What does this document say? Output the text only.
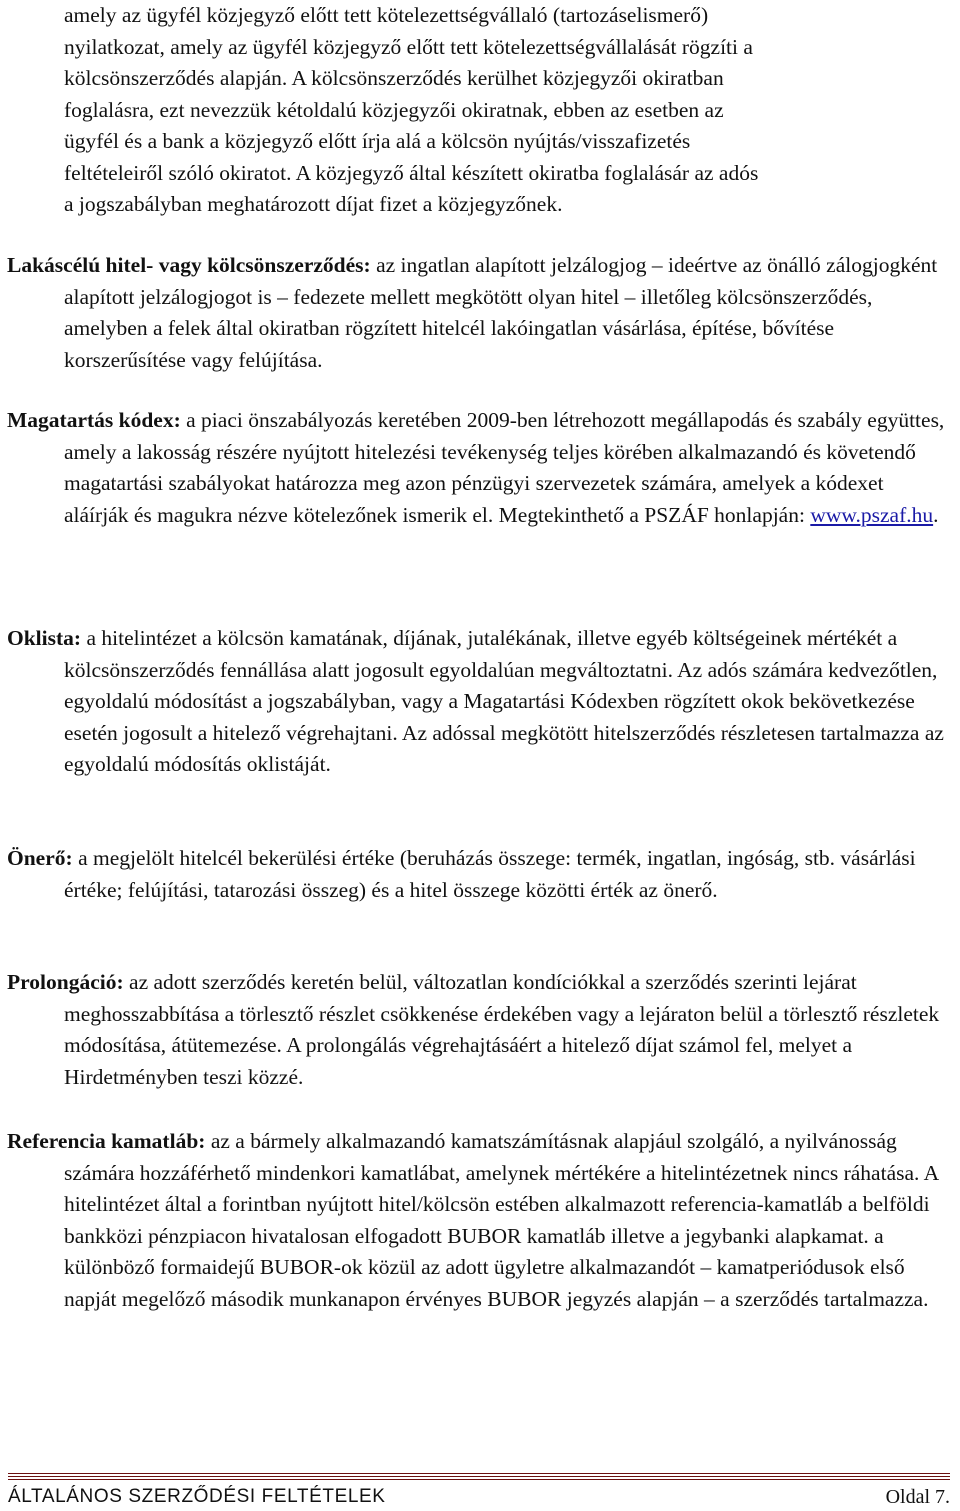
amely az ügyfél közjegyző előtt tett kötelezettségvállaló (tartozáselismerő)
nyilatkozat, amely az ügyfél közjegyző előtt tett kötelezettségvállalását rögzíti a
kölcsönszerződés alapján. A kölcsönszerződés kerülhet közjegyzői okiratban
foglalásra, ezt nevezzük kétoldalú közjegyzői okiratnak, ebben az esetben az
ügyfél és a bank a közjegyző előtt írja alá a kölcsön nyújtás/visszafizetés
feltételeiről szóló okiratot. A közjegyző által készített okiratba foglalásár az adós
a jogszabályban meghatározott díjat fizet a közjegyzőnek.
Lakáscélú hitel- vagy kölcsönszerződés: az ingatlan alapított jelzálogjog – ideértve az önálló zálogjogként alapított jelzálogjogot is – fedezete mellett megkötött olyan hitel – illetőleg kölcsönszerződés, amelyben a felek által okiratban rögzített hitelcél lakóingatlan vásárlása, építése, bővítése korszerűsítése vagy felújítása.
Magatartás kódex: a piaci önszabályozás keretében 2009-ben létrehozott megállapodás és szabály együttes, amely a lakosság részére nyújtott hitelezési tevékenység teljes körében alkalmazandó és követendő magatartási szabályokat határozza meg azon pénzügyi szervezetek számára, amelyek a kódexet aláírják és magukra nézve kötelezőnek ismerik el. Megtekinthető a PSZÁF honlapján: www.pszaf.hu.
Oklista: a hitelintézet a kölcsön kamatának, díjának, jutalékának, illetve egyéb költségeinek mértékét a kölcsönszerződés fennállása alatt jogosult egyoldalúan megváltoztatni. Az adós számára kedvezőtlen, egyoldalú módosítást a jogszabályban, vagy a Magatartási Kódexben rögzített okok bekövetkezése esetén jogosult a hitelező végrehajtani. Az adóssal megkötött hitelszerződés részletesen tartalmazza az egyoldalú módosítás oklistáját.
Önerő: a megjelölt hitelcél bekerülési értéke (beruházás összege: termék, ingatlan, ingóság, stb. vásárlási értéke; felújítási, tatarozási összeg) és a hitel összege közötti érték az önerő.
Prolongáció: az adott szerződés keretén belül, változatlan kondíciókkal a szerződés szerinti lejárat meghosszabbítása a törlesztő részlet csökkenése érdekében vagy a lejáraton belül a törlesztő részletek módosítása, átütemezése. A prolongálás végrehajtásáért a hitelező díjat számol fel, melyet a Hirdetményben teszi közzé.
Referencia kamatláb: az a bármely alkalmazandó kamatszámításnak alapjául szolgáló, a nyilvánosság számára hozzáférhető mindenkori kamatlábat, amelynek mértékére a hitelintézetnek nincs ráhatása. A hitelintézet által a forintban nyújtott hitel/kölcsön estében alkalmazott referencia-kamatláb a belföldi bankközi pénzpiacon hivatalosan elfogadott BUBOR kamatláb illetve a jegybanki alapkamat. a különböző formaidejű BUBOR-ok közül az adott ügyletre alkalmazandót – kamatperiódusok első napját megelőző második munkanapon érvényes BUBOR jegyzés alapján – a szerződés tartalmazza.
ÁLTALÁNOS SZERZŐDÉSI FELTÉTELEK	Oldal 7.
